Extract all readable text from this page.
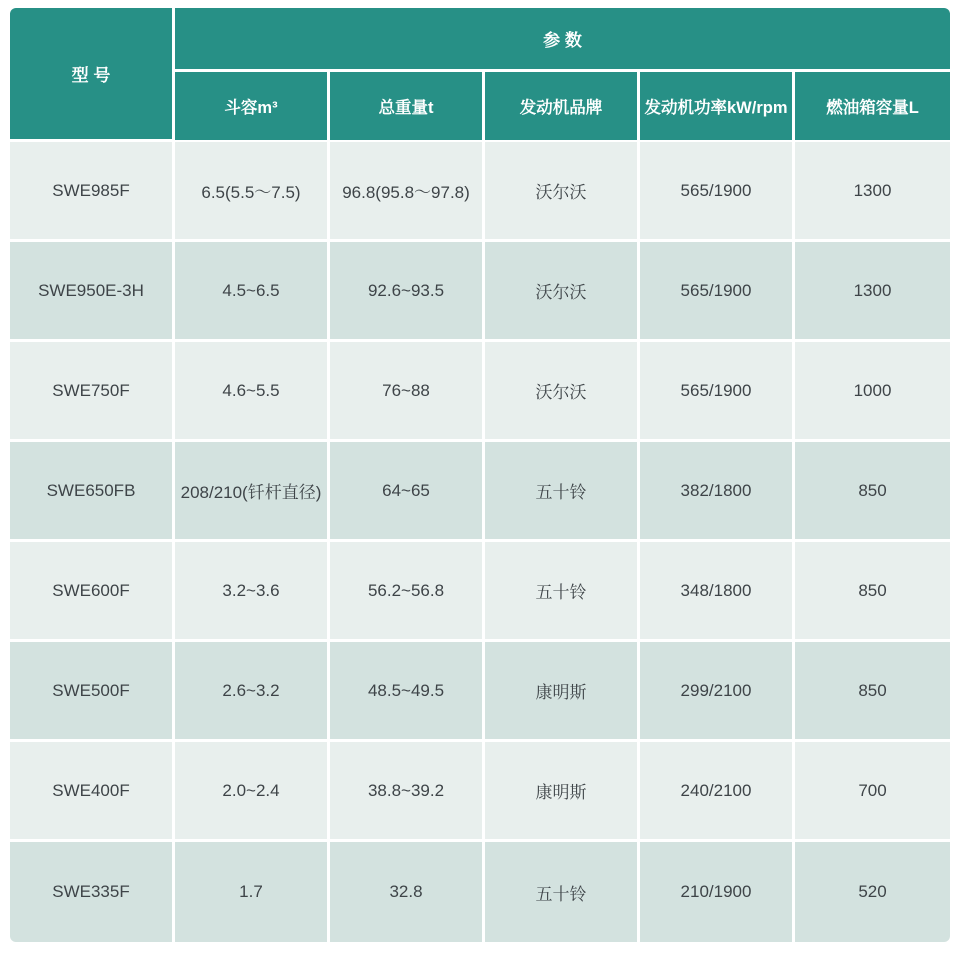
型 号	参 数				
	斗容m³	总重量t	发动机品牌	发动机功率kW/rpm	燃油箱容量L
SWE985F	6.5(5.5～7.5)	96.8(95.8～97.8)	沃尔沃	565/1900	1300
SWE950E-3H	4.5~6.5	92.6~93.5	沃尔沃	565/1900	1300
SWE750F	4.6~5.5	76~88	沃尔沃	565/1900	1000
SWE650FB	208/210(钎杆直径)	64~65	五十铃	382/1800	850
SWE600F	3.2~3.6	56.2~56.8	五十铃	348/1800	850
SWE500F	2.6~3.2	48.5~49.5	康明斯	299/2100	850
SWE400F	2.0~2.4	38.8~39.2	康明斯	240/2100	700
SWE335F	1.7	32.8	五十铃	210/1900	520
